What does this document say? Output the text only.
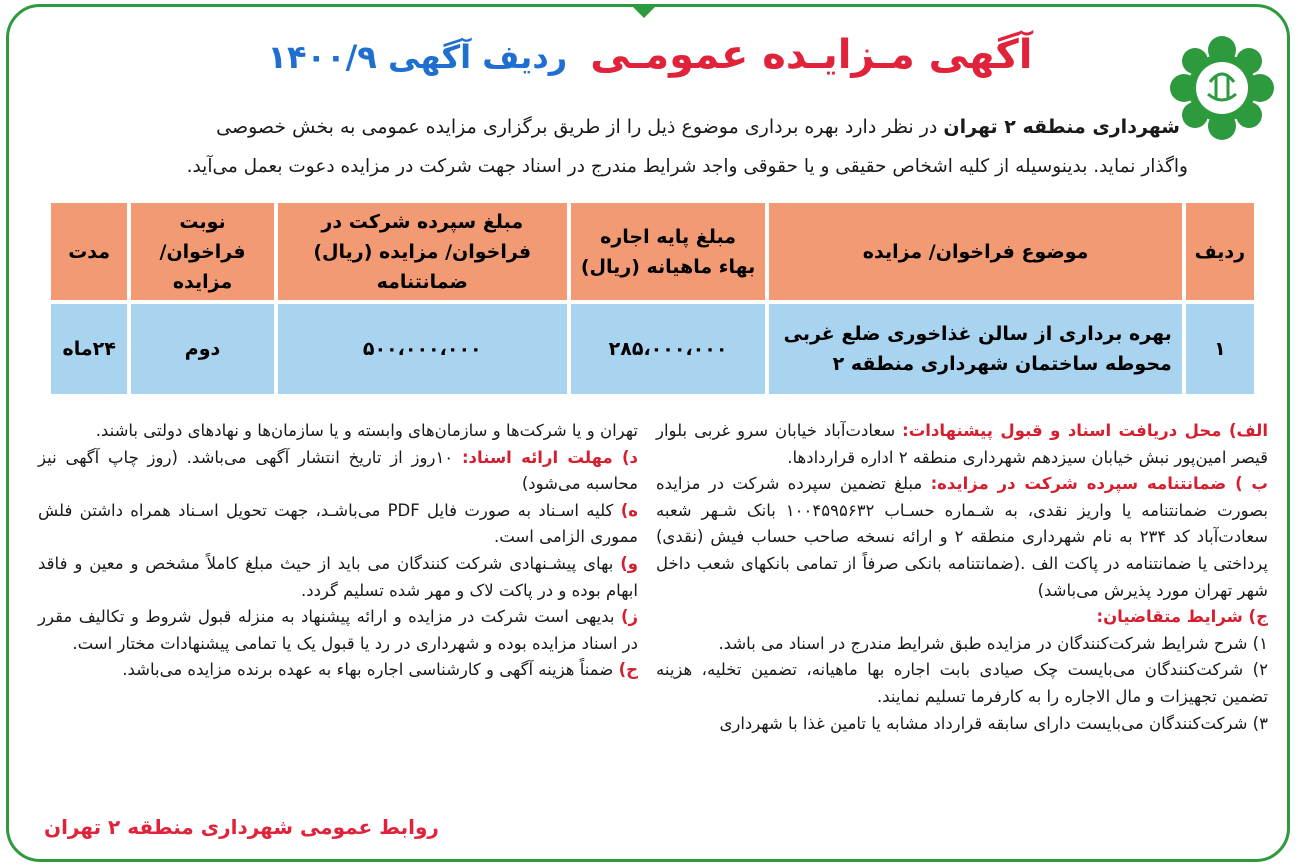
آگهی مـزایـده عمومـی ردیف آگهی ۱۴۰۰/۹
شهرداری منطقه ۲ تهران در نظر دارد بهره برداری موضوع ذیل را از طریق برگزاری مزایده عمومی به بخش خصوصی
واگذار نماید. بدینوسیله از کلیه اشخاص حقیقی و یا حقوقی واجد شرایط مندرج در اسناد جهت شرکت در مزایده دعوت بعمل می‌آید.
ردیف	موضوع فراخوان/ مزایده	مبلغ پایه اجاره بهاء ماهیانه (ریال)	مبلغ سپرده شرکت در فراخوان/ مزایده (ریال) ضمانتنامه	نوبت فراخوان/ مزایده	مدت
۱	بهره برداری از سالن غذاخوری ضلع غربی محوطه ساختمان شهرداری منطقه ۲	۲۸۵،۰۰۰،۰۰۰	۵۰۰،۰۰۰،۰۰۰	دوم	۲۴ماه

الف) محل دریافت اسناد و قبول پیشنهادات: سعادت‌آباد خیابان سرو غربی بلوار قیصر امین‌پور نبش خیابان سیزدهم شهرداری منطقه ۲ اداره قراردادها.

ب ) ضمانتنامه سپرده شرکت در مزایده: مبلغ تضمین سپرده شرکت در مزایده بصورت ضمانتنامه یا واریز نقدی، به شـماره حسـاب ۱۰۰۴۵۹۵۶۳۲ بانک شـهر شعبه سعادت‌آباد کد ۲۳۴ به نام شهرداری منطقه ۲ و ارائه نسخه صاحب حساب فیش (نقدی) پرداختی یا ضمانتنامه در پاکت الف .(ضمانتنامه بانکی صرفاً از تمامی بانکهای شعب داخل شهر تهران مورد پذیرش می‌باشد)

ج) شرایط متقاضیان:

۱) شرح شرایط شرکت‌کنندگان در مزایده طبق شرایط مندرج در اسناد می باشد.

۲) شرکت‌کنندگان می‌بایست چک صیادی بابت اجاره بها ماهیانه، تضمین تخلیه، هزینه تضمین تجهیزات و مال الاجاره را به کارفرما تسلیم نمایند.

۳) شرکت‌کنندگان می‌بایست دارای سابقه قرارداد مشابه یا تامین غذا با شهرداری

تهران و یا شرکت‌ها و سازمان‌های وابسته و یا سازمان‌ها و نهادهای دولتی باشند.

د) مهلت ارائه اسناد: ۱۰روز از تاریخ انتشار آگهی می‌باشد. (روز چاپ آگهی نیز محاسبه می‌شود)

ه) کلیه اسـناد به صورت فایل PDF می‌باشـد، جهت تحویل اسـناد همراه داشتن فلش مموری الزامی است.

و) بهای پیشـنهادی شرکت کنندگان می باید از حیث مبلغ کاملاً مشخص و معین و فاقد ابهام بوده و در پاکت لاک و مهر شده تسلیم گردد.

ز) بدیهی است شرکت در مزایده و ارائه پیشنهاد به منزله قبول شروط و تکالیف مقرر در اسناد مزایده بوده و شهرداری در رد یا قبول یک یا تمامی پیشنهادات مختار است.

ح) ضمناً هزینه آگهی و کارشناسی اجاره بهاء به عهده برنده مزایده می‌باشد.

روابط عمومی شهرداری منطقه ۲ تهران
